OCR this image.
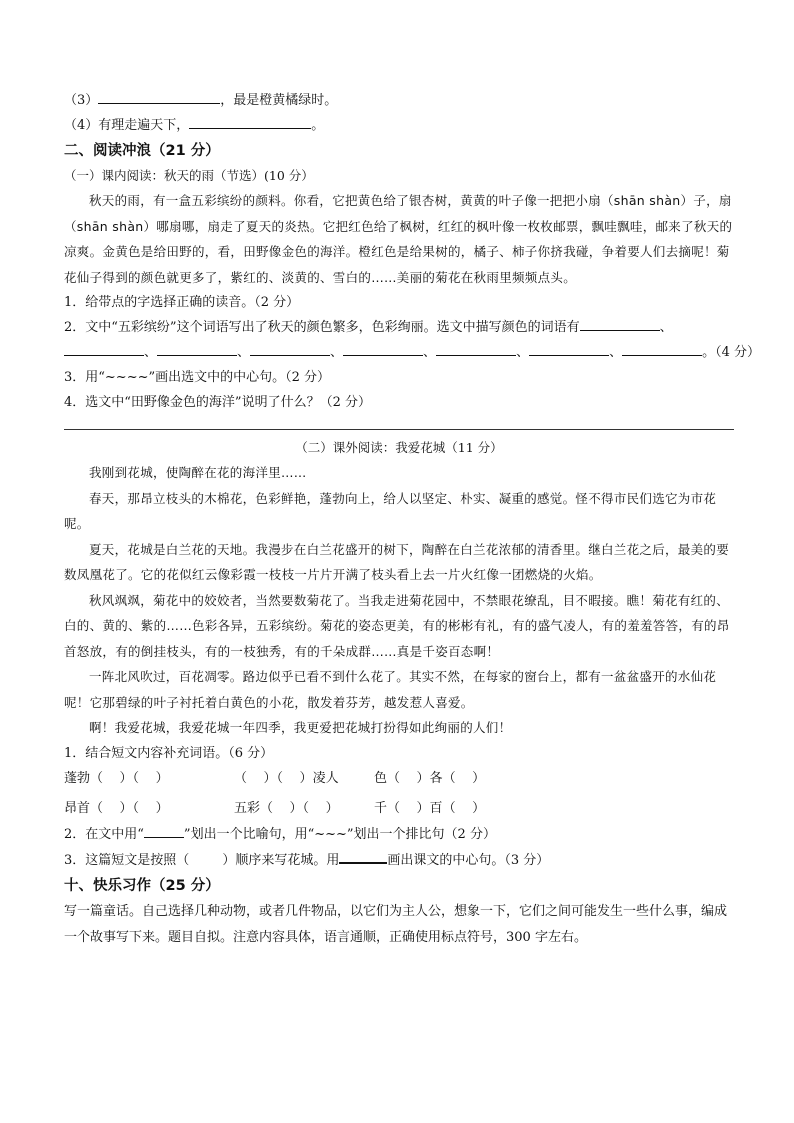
（3）	，最是橙黄橘绿时。
（4）有理走遍天下，	。
二、阅读冲浪（21 分）
（一）课内阅读：秋天的雨（节选）(10 分）
秋天的雨，有一盒五彩缤纷的颜料。你看，它把黄色给了银杏树，黄黄的叶子像一把把小扇（shān shàn）子，扇（shān shàn）哪扇哪，扇走了夏天的炎热。它把红色给了枫树，红红的枫叶像一枚枚邮票，飘哇飘哇，邮来了秋天的凉爽。金黄色是给田野的，看，田野像金色的海洋。橙红色是给果树的，橘子、柿子你挤我碰，争着要人们去摘呢！菊花仙子得到的颜色就更多了，紫红的、淡黄的、雪白的……美丽的菊花在秋雨里频频点头。
1．给带点的字选择正确的读音。（2 分）
2．文中“五彩缤纷”这个词语写出了秋天的颜色繁多，色彩绚丽。选文中描写颜色的词语有	、
、	、	、	、	、	、	。（4 分）
3．用“~~~~”画出选文中的中心句。（2 分）
4．选文中“田野像金色的海洋”说明了什么？（2 分）
（二）课外阅读：我爱花城（11 分）
我刚到花城，使陶醉在花的海洋里……
春天，那昂立枝头的木棉花，色彩鲜艳，蓬勃向上，给人以坚定、朴实、凝重的感觉。怪不得市民们选它为市花呢。
夏天，花城是白兰花的天地。我漫步在白兰花盛开的树下，陶醉在白兰花浓郁的清香里。继白兰花之后，最美的要数凤凰花了。它的花似红云像彩霞一枝枝一片片开满了枝头看上去一片火红像一团燃烧的火焰。
秋风飒飒，菊花中的姣姣者，当然要数菊花了。当我走进菊花园中，不禁眼花缭乱，目不暇接。瞧！菊花有红的、白的、黄的、紫的……色彩各异，五彩缤纷。菊花的姿态更美，有的彬彬有礼，有的盛气凌人，有的羞羞答答，有的昂首怒放，有的倒挂枝头，有的一枝独秀，有的千朵成群……真是千姿百态啊！
一阵北风吹过，百花凋零。路边似乎已看不到什么花了。其实不然，在每家的窗台上，都有一盆盆盛开的水仙花呢！它那碧绿的叶子衬托着白黄色的小花，散发着芬芳，越发惹人喜爱。
啊！我爱花城，我爱花城一年四季，我更爱把花城打扮得如此绚丽的人们！
1．结合短文内容补充词语。（6 分）
蓬勃（    ）（    ）	（    ）（    ）凌人	色（    ）各（    ）
昂首（    ）（    ）	五彩（    ）（    ）	千（    ）百（    ）
2．在文中用“	”划出一个比喻句，用“~~~”划出一个排比句（2 分）
3．这篇短文是按照（	）顺序来写花城。用	画出课文的中心句。（3 分）
十、快乐习作（25 分）
写一篇童话。自己选择几种动物，或者几件物品，以它们为主人公，想象一下，它们之间可能发生一些什么事，编成一个故事写下来。题目自拟。注意内容具体，语言通顺，正确使用标点符号，300 字左右。
